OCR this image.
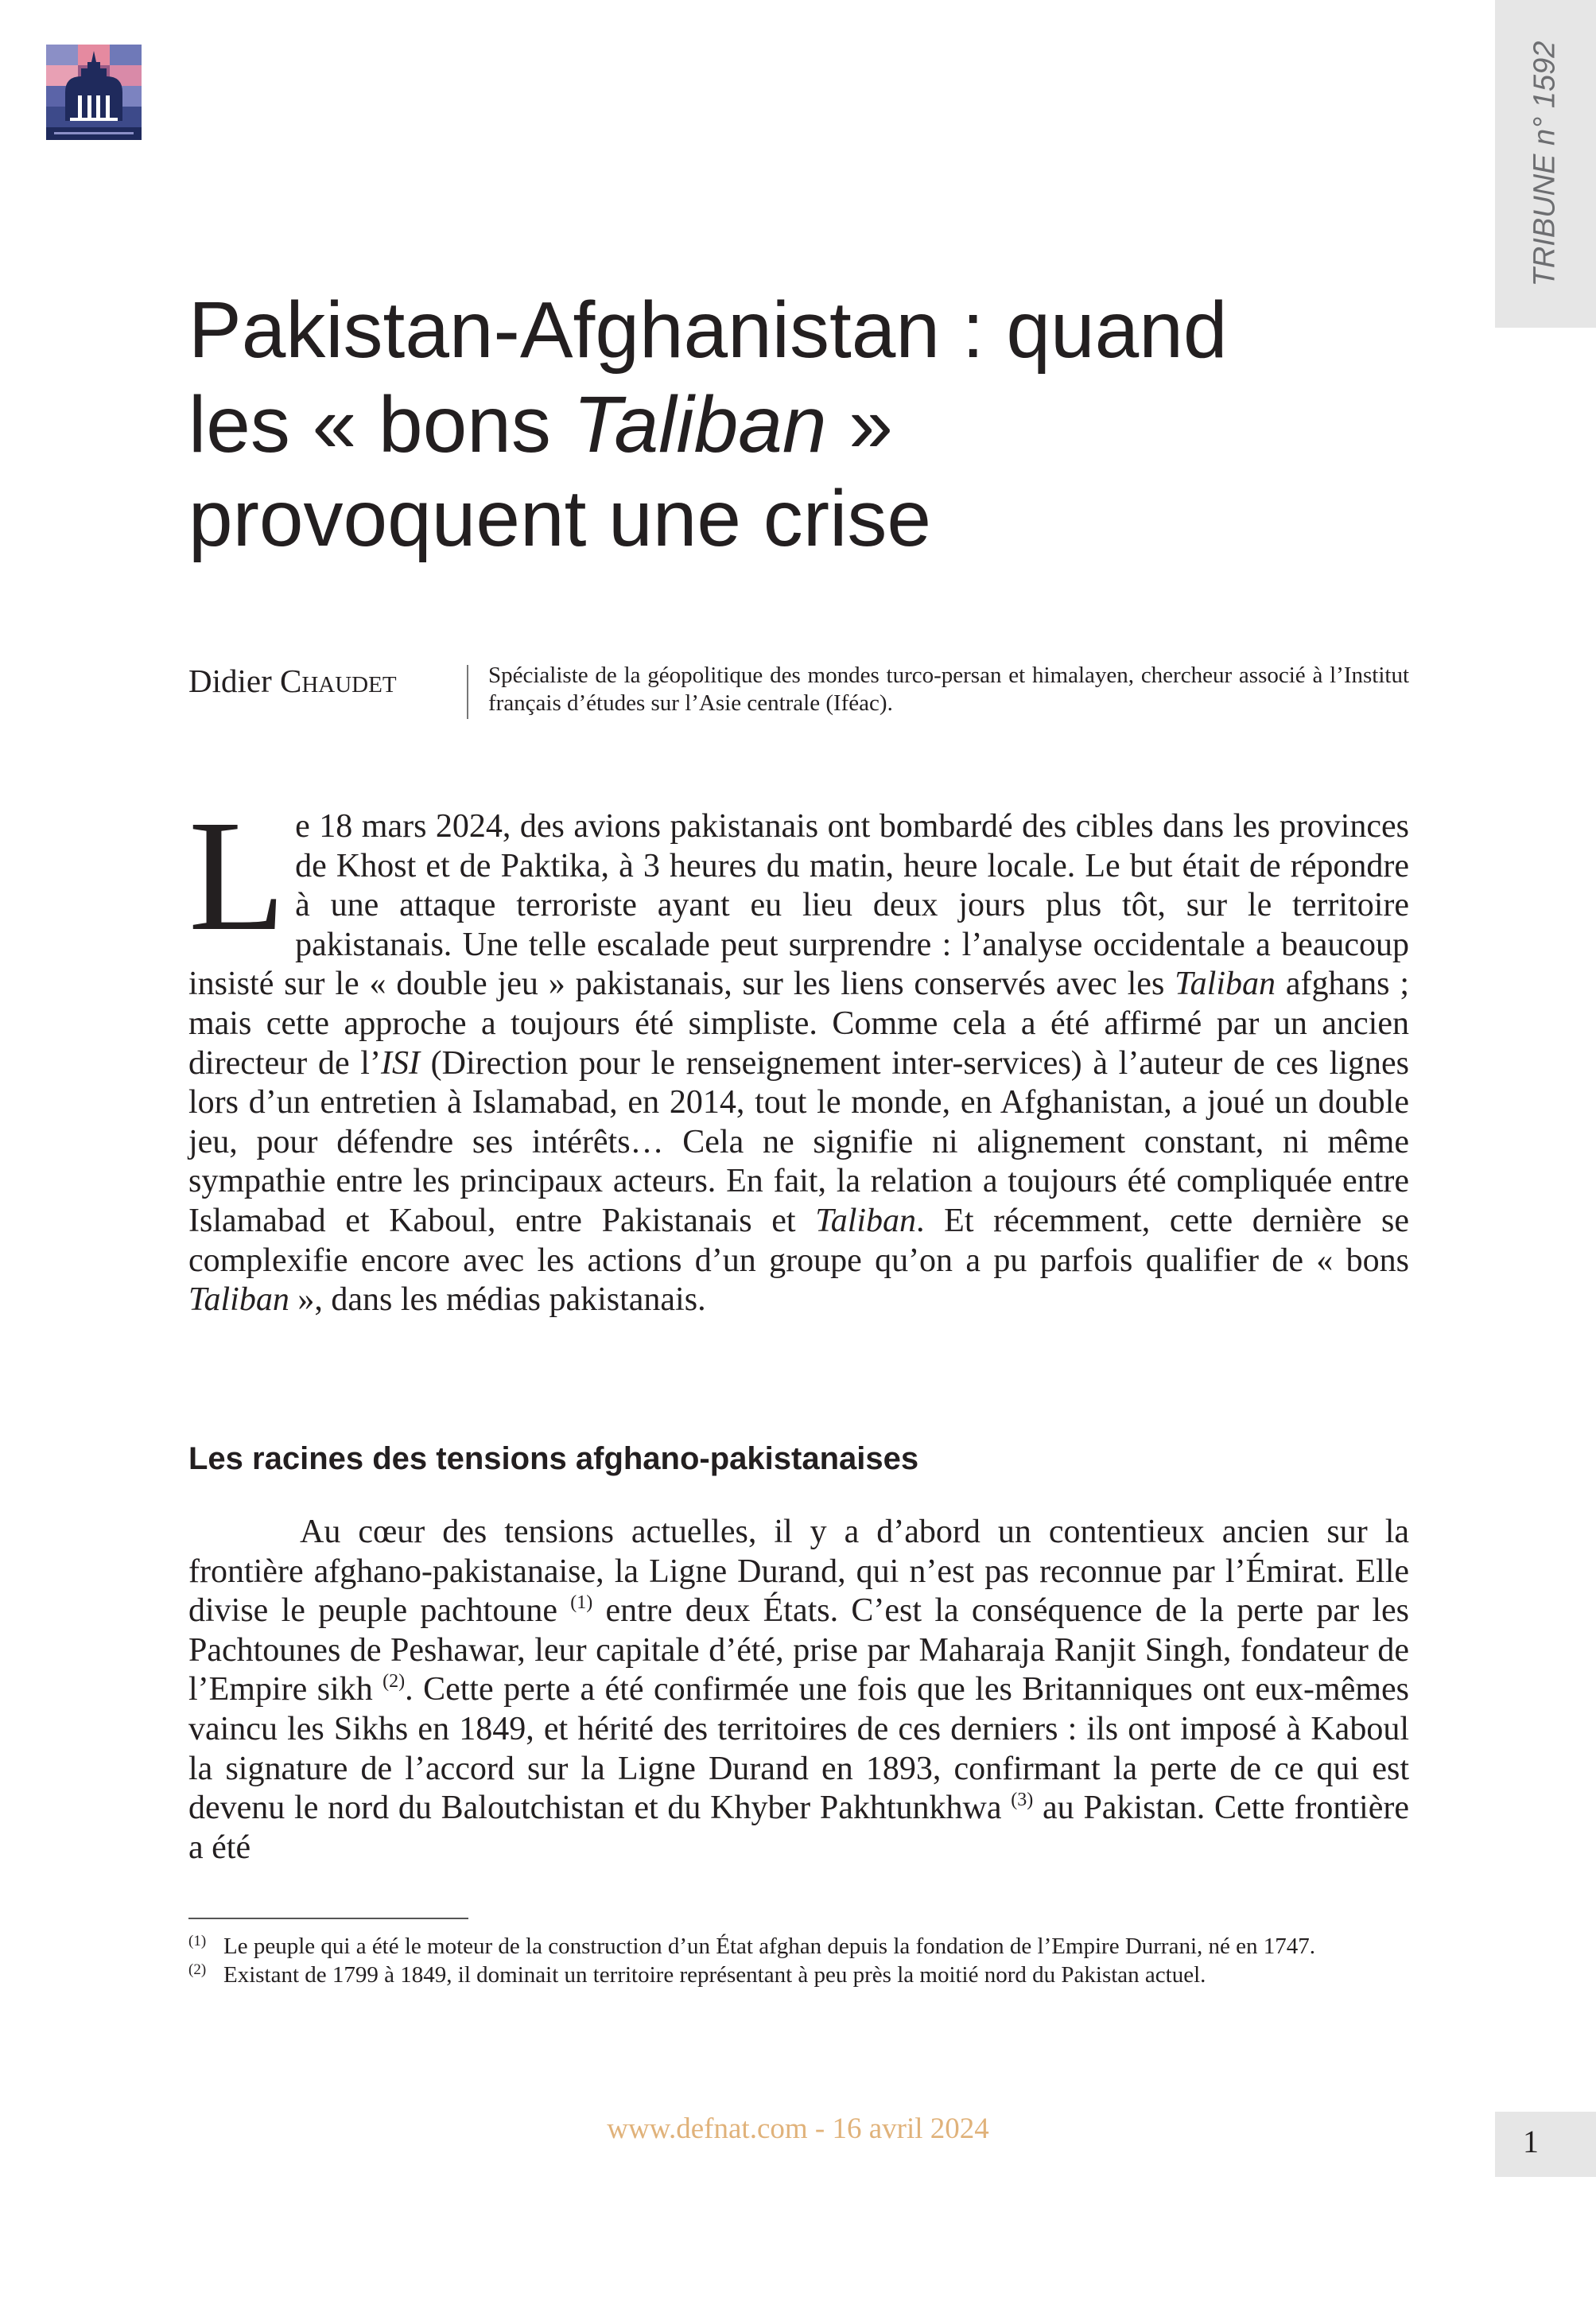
TRIBUNE n° 1592
Pakistan-Afghanistan : quand
les « bons Taliban »
provoquent une crise
Didier Chaudet	Spécialiste de la géopolitique des mondes turco-persan et himalayen, chercheur associé à l’Institut français d’études sur l’Asie centrale (Iféac).

Le 18 mars 2024, des avions pakistanais ont bombardé des cibles dans les provinces de Khost et de Paktika, à 3 heures du matin, heure locale. Le but était de répondre à une attaque terroriste ayant eu lieu deux jours plus tôt, sur le territoire pakistanais. Une telle escalade peut surprendre : l’analyse occidentale a beaucoup insisté sur le « double jeu » pakistanais, sur les liens conservés avec les Taliban afghans ; mais cette approche a toujours été simpliste. Comme cela a été affirmé par un ancien directeur de l’ISI (Direction pour le renseignement inter-services) à l’auteur de ces lignes lors d’un entretien à Islamabad, en 2014, tout le monde, en Afghanistan, a joué un double jeu, pour défendre ses intérêts… Cela ne signifie ni alignement constant, ni même sympathie entre les principaux acteurs. En fait, la relation a toujours été compliquée entre Islamabad et Kaboul, entre Pakistanais et Taliban. Et récemment, cette dernière se complexifie encore avec les actions d’un groupe qu’on a pu parfois qualifier de « bons Taliban », dans les médias pakistanais.

Les racines des tensions afghano-pakistanaises

Au cœur des tensions actuelles, il y a d’abord un contentieux ancien sur la frontière afghano-pakistanaise, la Ligne Durand, qui n’est pas reconnue par l’Émirat. Elle divise le peuple pachtoune $^{(1)}$ entre deux États. C’est la conséquence de la perte par les Pachtounes de Peshawar, leur capitale d’été, prise par Maharaja Ranjit Singh, fondateur de l’Empire sikh $^{(2)}$. Cette perte a été confirmée une fois que les Britanniques ont eux-mêmes vaincu les Sikhs en 1849, et hérité des territoires de ces derniers : ils ont imposé à Kaboul la signature de l’accord sur la Ligne Durand en 1893, confirmant la perte de ce qui est devenu le nord du Baloutchistan et du Khyber Pakhtunkhwa $^{(3)}$ au Pakistan. Cette frontière a été

(1) Le peuple qui a été le moteur de la construction d’un État afghan depuis la fondation de l’Empire Durrani, né en 1747.

(2) Existant de 1799 à 1849, il dominait un territoire représentant à peu près la moitié nord du Pakistan actuel.

www.defnat.com - 16 avril 2024	1
